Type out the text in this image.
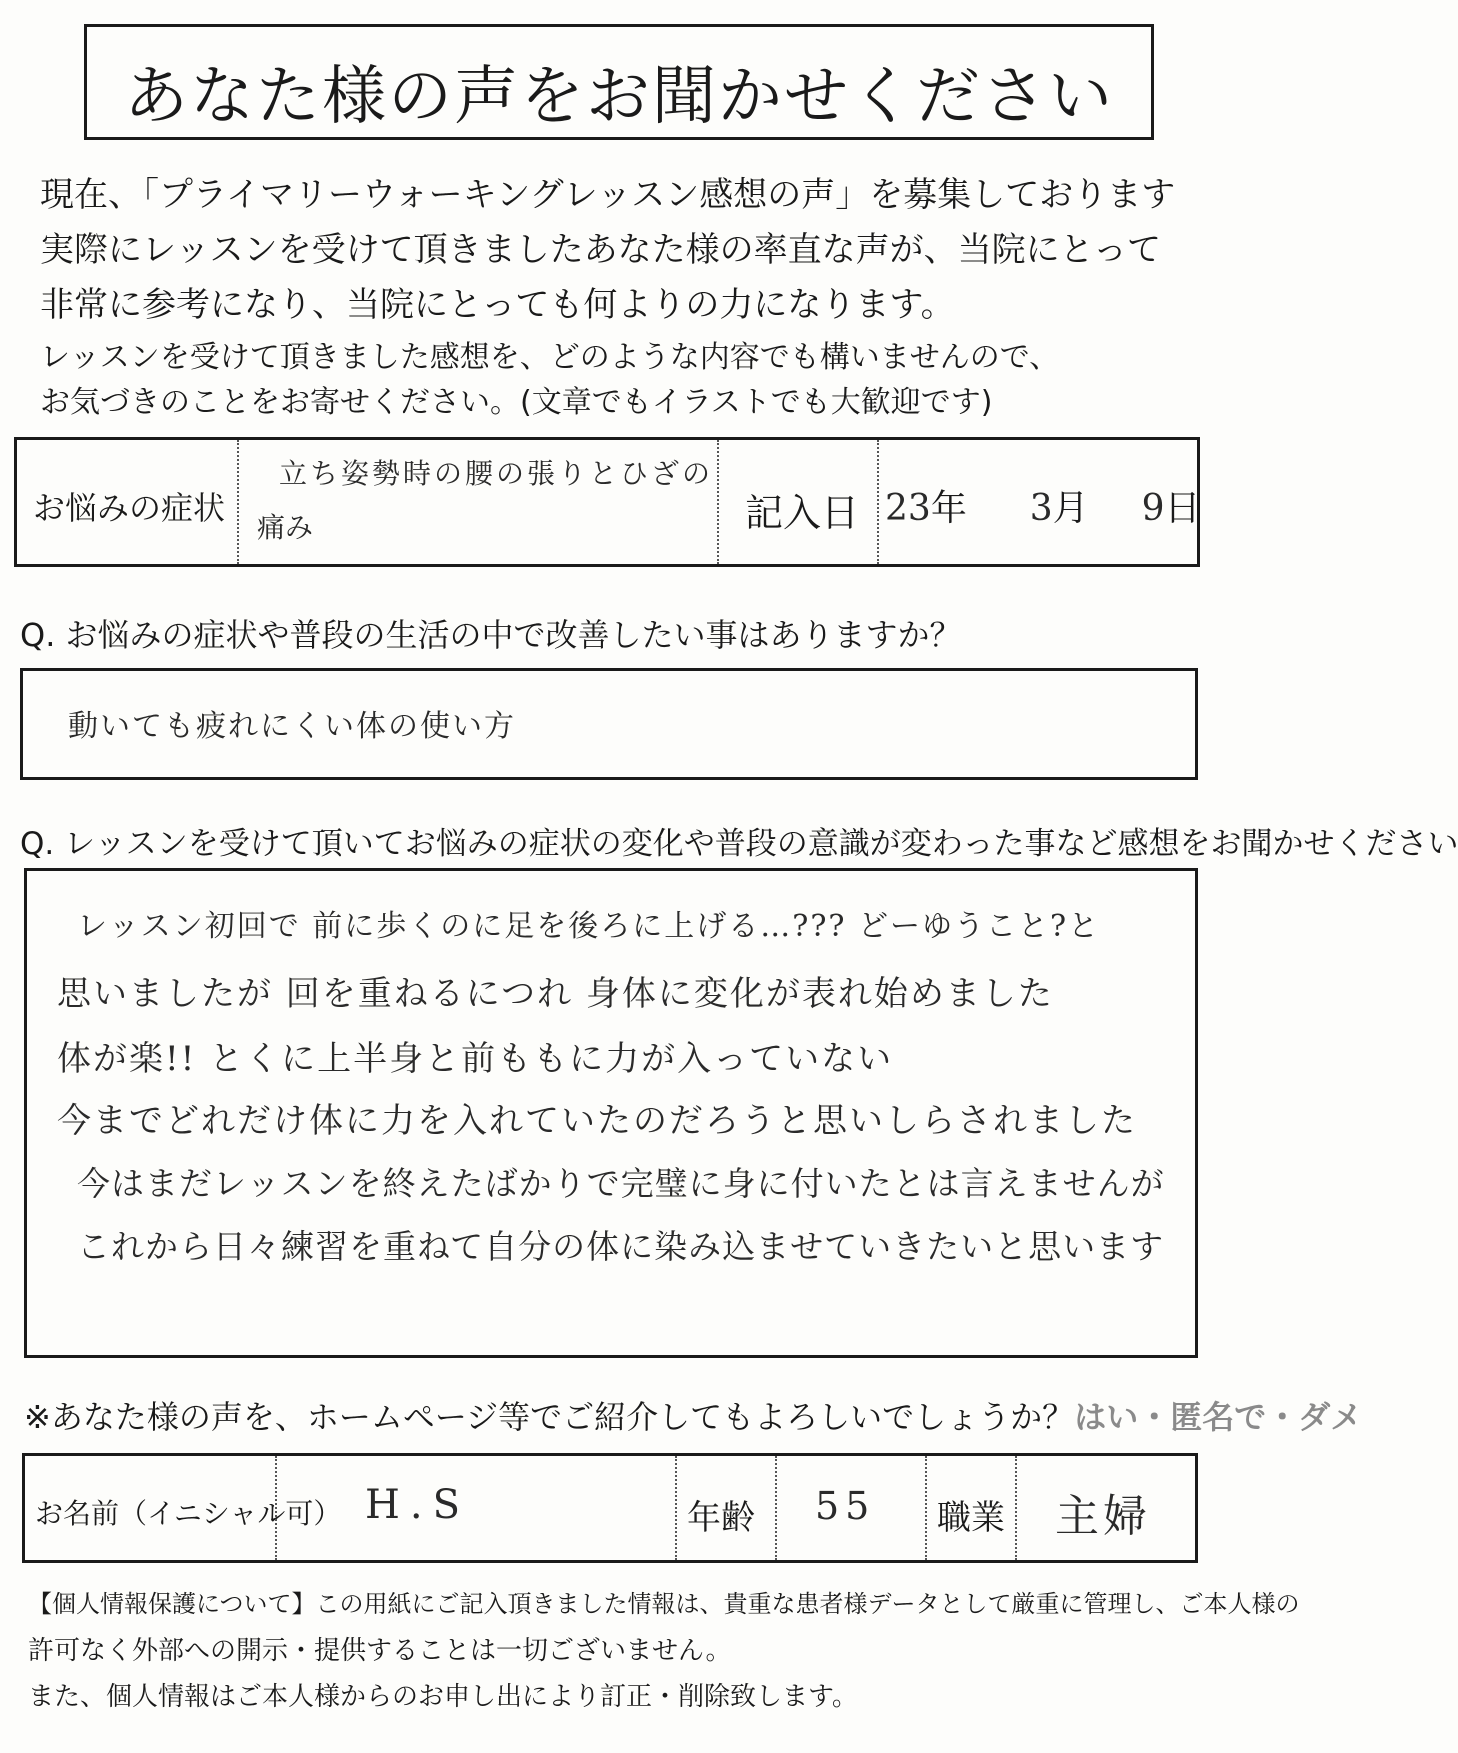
あなた様の声をお聞かせください
現在、「プライマリーウォーキングレッスン感想の声」を募集しております
実際にレッスンを受けて頂きましたあなた様の率直な声が、当院にとって
非常に参考になり、当院にとっても何よりの力になります。
レッスンを受けて頂きました感想を、どのような内容でも構いませんので、
お気づきのことをお寄せください。(文章でもイラストでも大歓迎です)
お悩みの症状
立ち姿勢時の腰の張りとひざの
痛み	記入日 23年 3月 9日
Q. お悩みの症状や普段の生活の中で改善したい事はありますか？
動いても疲れにくい体の使い方
Q. レッスンを受けて頂いてお悩みの症状の変化や普段の意識が変わった事など感想をお聞かせください
レッスン初回で 前に歩くのに足を後ろに上げる…??? どーゆうこと?と
思いましたが 回を重ねるにつれ 身体に変化が表れ始めました
体が楽!! とくに上半身と前ももに力が入っていない
今までどれだけ体に力を入れていたのだろうと思いしらされました
今はまだレッスンを終えたばかりで完璧に身に付いたとは言えませんが
これから日々練習を重ねて自分の体に染み込ませていきたいと思います
※あなた様の声を、ホームページ等でご紹介してもよろしいでしょうか？はい・匿名で・ダメ
お名前（イニシャル可） H.S	年齢 55 職業 主婦
【個人情報保護について】この用紙にご記入頂きました情報は、貴重な患者様データとして厳重に管理し、ご本人様の
許可なく外部への開示・提供することは一切ございません。
また、個人情報はご本人様からのお申し出により訂正・削除致します。
